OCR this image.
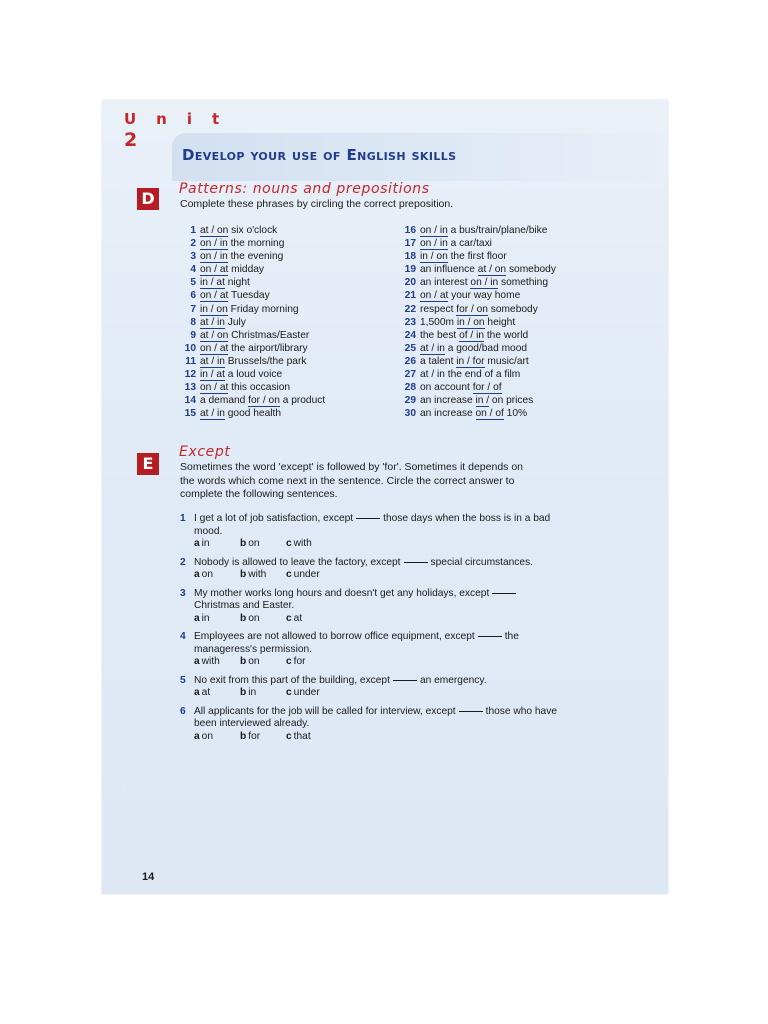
Unit
2
Develop your use of English skills
D	Patterns: nouns and prepositions
Complete these phrases by circling the correct preposition.
1 at / on six o'clock
2 on / in the morning
3 on / in the evening
4 on / at midday
5 in / at night
6 on / at Tuesday
7 in / on Friday morning
8 at / in July
9 at / on Christmas/Easter
10 on / at the airport/library
11 at / in Brussels/the park
12 in / at a loud voice
13 on / at this occasion
14 a demand for / on a product
15 at / in good health
16 on / in a bus/train/plane/bike
17 on / in a car/taxi
18 in / on the first floor
19 an influence at / on somebody
20 an interest on / in something
21 on / at your way home
22 respect for / on somebody
23 1,500m in / on height
24 the best of / in the world
25 at / in a good/bad mood
26 a talent in / for music/art
27 at / in the end of a film
28 on account for / of
29 an increase in / on prices
30 an increase on / of 10%
E
Except
Sometimes the word 'except' is followed by 'for'. Sometimes it depends on the words which come next in the sentence. Circle the correct answer to complete the following sentences.
1 I get a lot of job satisfaction, except	those days when the boss is in a bad mood.
a in	b on	c with
2 Nobody is allowed to leave the factory, except	special circumstances.
a on	b with c under
3 My mother works long hours and doesn't get any holidays, exceptChristmas and Easter.
a in	b on	c at
4 Employees are not allowed to borrow office equipment, except	the manageress's permission.
a with b on	c for
5 No exit from this part of the building, except	an emergency.
a at	b in	c under
6 All applicants for the job will be called for interview, except	those who have been interviewed already.
a on	b for	c that
14
